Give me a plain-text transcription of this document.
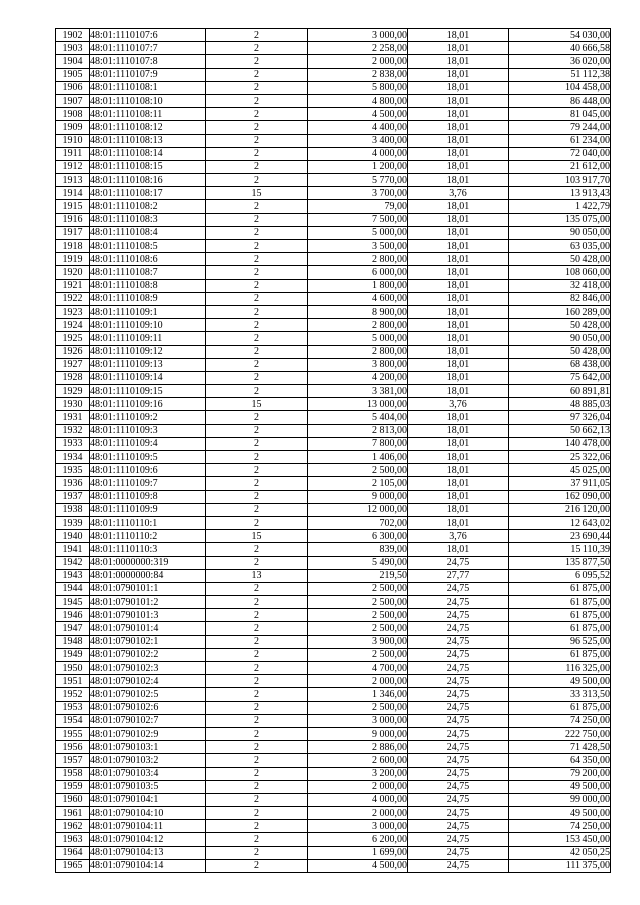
1902	48:01:1110107:6	2	3 000,00	18,01	54 030,00
1903	48:01:1110107:7	2	2 258,00	18,01	40 666,58
1904	48:01:1110107:8	2	2 000,00	18,01	36 020,00
1905	48:01:1110107:9	2	2 838,00	18,01	51 112,38
1906	48:01:1110108:1	2	5 800,00	18,01	104 458,00
1907	48:01:1110108:10	2	4 800,00	18,01	86 448,00
1908	48:01:1110108:11	2	4 500,00	18,01	81 045,00
1909	48:01:1110108:12	2	4 400,00	18,01	79 244,00
1910	48:01:1110108:13	2	3 400,00	18,01	61 234,00
1911	48:01:1110108:14	2	4 000,00	18,01	72 040,00
1912	48:01:1110108:15	2	1 200,00	18,01	21 612,00
1913	48:01:1110108:16	2	5 770,00	18,01	103 917,70
1914	48:01:1110108:17	15	3 700,00	3,76	13 913,43
1915	48:01:1110108:2	2	79,00	18,01	1 422,79
1916	48:01:1110108:3	2	7 500,00	18,01	135 075,00
1917	48:01:1110108:4	2	5 000,00	18,01	90 050,00
1918	48:01:1110108:5	2	3 500,00	18,01	63 035,00
1919	48:01:1110108:6	2	2 800,00	18,01	50 428,00
1920	48:01:1110108:7	2	6 000,00	18,01	108 060,00
1921	48:01:1110108:8	2	1 800,00	18,01	32 418,00
1922	48:01:1110108:9	2	4 600,00	18,01	82 846,00
1923	48:01:1110109:1	2	8 900,00	18,01	160 289,00
1924	48:01:1110109:10	2	2 800,00	18,01	50 428,00
1925	48:01:1110109:11	2	5 000,00	18,01	90 050,00
1926	48:01:1110109:12	2	2 800,00	18,01	50 428,00
1927	48:01:1110109:13	2	3 800,00	18,01	68 438,00
1928	48:01:1110109:14	2	4 200,00	18,01	75 642,00
1929	48:01:1110109:15	2	3 381,00	18,01	60 891,81
1930	48:01:1110109:16	15	13 000,00	3,76	48 885,03
1931	48:01:1110109:2	2	5 404,00	18,01	97 326,04
1932	48:01:1110109:3	2	2 813,00	18,01	50 662,13
1933	48:01:1110109:4	2	7 800,00	18,01	140 478,00
1934	48:01:1110109:5	2	1 406,00	18,01	25 322,06
1935	48:01:1110109:6	2	2 500,00	18,01	45 025,00
1936	48:01:1110109:7	2	2 105,00	18,01	37 911,05
1937	48:01:1110109:8	2	9 000,00	18,01	162 090,00
1938	48:01:1110109:9	2	12 000,00	18,01	216 120,00
1939	48:01:1110110:1	2	702,00	18,01	12 643,02
1940	48:01:1110110:2	15	6 300,00	3,76	23 690,44
1941	48:01:1110110:3	2	839,00	18,01	15 110,39
1942	48:01:0000000:319	2	5 490,00	24,75	135 877,50
1943	48:01:0000000:84	13	219,50	27,77	6 095,52
1944	48:01:0790101:1	2	2 500,00	24,75	61 875,00
1945	48:01:0790101:2	2	2 500,00	24,75	61 875,00
1946	48:01:0790101:3	2	2 500,00	24,75	61 875,00
1947	48:01:0790101:4	2	2 500,00	24,75	61 875,00
1948	48:01:0790102:1	2	3 900,00	24,75	96 525,00
1949	48:01:0790102:2	2	2 500,00	24,75	61 875,00
1950	48:01:0790102:3	2	4 700,00	24,75	116 325,00
1951	48:01:0790102:4	2	2 000,00	24,75	49 500,00
1952	48:01:0790102:5	2	1 346,00	24,75	33 313,50
1953	48:01:0790102:6	2	2 500,00	24,75	61 875,00
1954	48:01:0790102:7	2	3 000,00	24,75	74 250,00
1955	48:01:0790102:9	2	9 000,00	24,75	222 750,00
1956	48:01:0790103:1	2	2 886,00	24,75	71 428,50
1957	48:01:0790103:2	2	2 600,00	24,75	64 350,00
1958	48:01:0790103:4	2	3 200,00	24,75	79 200,00
1959	48:01:0790103:5	2	2 000,00	24,75	49 500,00
1960	48:01:0790104:1	2	4 000,00	24,75	99 000,00
1961	48:01:0790104:10	2	2 000,00	24,75	49 500,00
1962	48:01:0790104:11	2	3 000,00	24,75	74 250,00
1963	48:01:0790104:12	2	6 200,00	24,75	153 450,00
1964	48:01:0790104:13	2	1 699,00	24,75	42 050,25
1965	48:01:0790104:14	2	4 500,00	24,75	111 375,00
